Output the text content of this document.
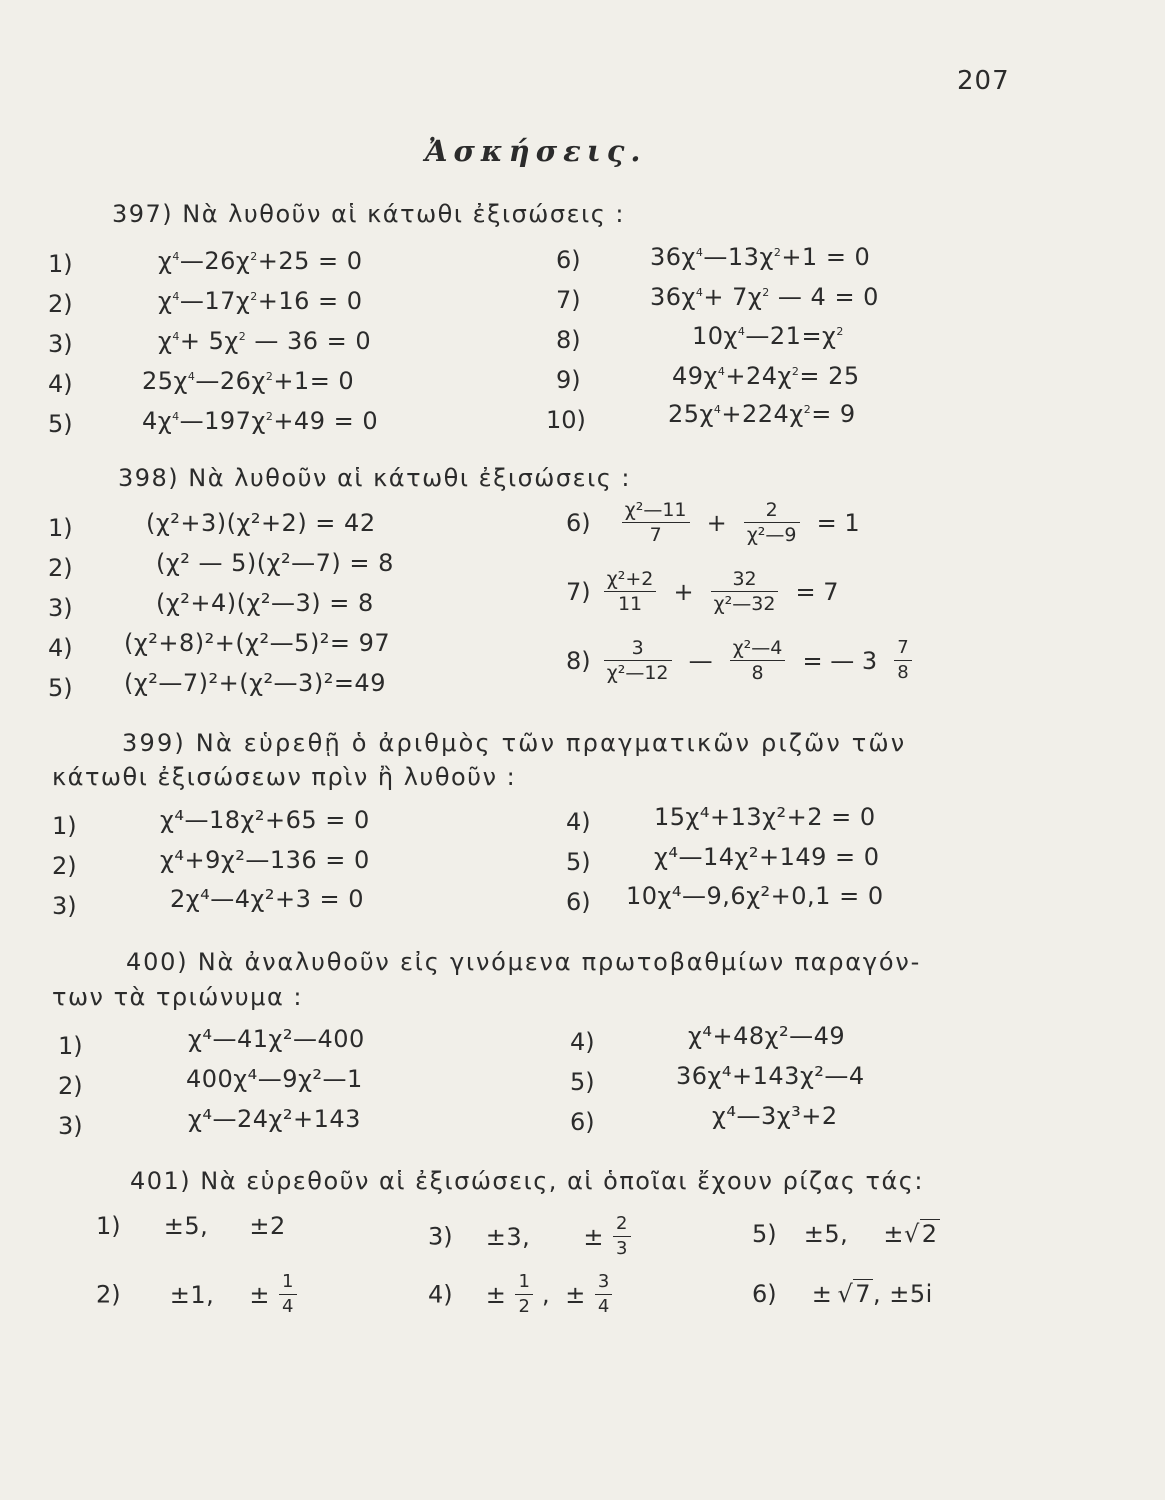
207
Ἀσκήσεις.
397) Νὰ λυθοῦν αἱ κάτωθι ἐξισώσεις :
1)	$\chi^4—26\chi^2+25 = 0$
2)	$\chi^4—17\chi^2+16 = 0$
3)	$\chi^4+ 5\chi^2$ — 36 = 0
4)	$25\chi^4—26\chi^2+1= 0$
5)	$4\chi^4—197\chi^2+49 = 0$
6)	$36\chi^4—13\chi^2+1 = 0$
7)	$36\chi^4+ 7\chi^2$ — 4 = 0
8)	$10\chi^4—21=\chi^2$
9)	$49\chi^4+24\chi^2= 25$
10)	$25\chi^4+224\chi^2= 9$
398) Νὰ λυθοῦν αἱ κάτωθι ἐξισώσεις :
1)	(χ²+3)(χ²+2) = 42
2)	(χ² — 5)(χ²—7) = 8
3)	(χ²+4)(χ²—3) = 8
4) (χ²+8)²+(χ²—5)²= 97
5) (χ²—7)²+(χ²—3)²=49
$6) \frac{\text{χ²—11}}{7} + \frac{2}{\text{χ²—9}} = 1$
$7) \frac{\text{χ²+2}}{11} + \frac{32}{\text{χ²—32}} = 7$
$8) \frac{3}{\text{χ²—12}}$ — $\frac{\text{χ²—4}}{8}$ = — $3 \frac{7}{8}$
399) Νὰ εὑρεθῇ ὁ ἀριθμὸς τῶν πραγματικῶν ριζῶν τῶν
κάτωθι ἐξισώσεων πρὶν ἢ λυθοῦν :
1)	χ⁴—18χ²+65 = 0
2)	χ⁴+9χ²—136 = 0
3)	2χ⁴—4χ²+3 = 0
4)	15χ⁴+13χ²+2 = 0
5)	χ⁴—14χ²+149 = 0
6) 10χ⁴—9,6χ²+0,1 = 0
400) Νὰ ἀναλυθοῦν εἰς γινόμενα πρωτοβαθμίων παραγόν-
των τὰ τριώνυμα :
1)	χ⁴—41χ²—400
2)	400χ⁴—9χ²—1
3)	χ⁴—24χ²+143
4)	χ⁴+48χ²—49
5)	36χ⁴+143χ²—4
6)	χ⁴—3χ³+2
401) Νὰ εὑρεθοῦν αἱ ἐξισώσεις, αἱ ὁποῖαι ἔχουν ρίζας τάς:
1) ±5, ±2
2) ±1, ± $\frac{1}{4}$
3) ±3, ± $\frac{2}{3}$
$4) \pm \frac{1}{2}$ , ± $\frac{3}{4}$
5) ±5, ±√2
6) ± √7, ±5i
